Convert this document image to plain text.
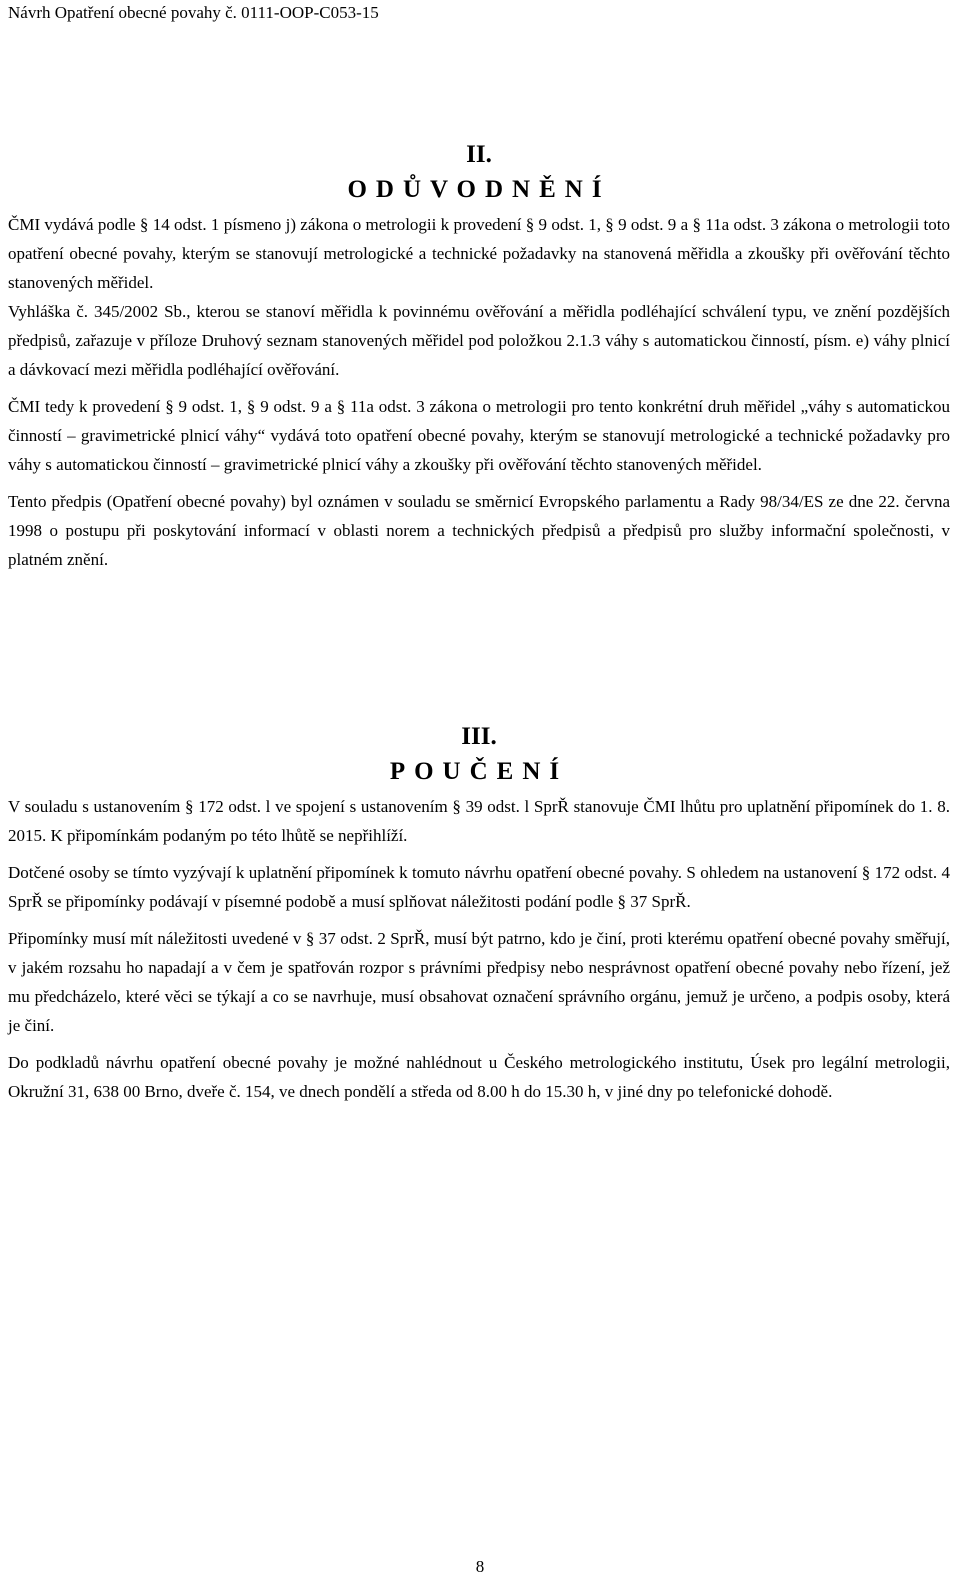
Návrh Opatření obecné povahy č. 0111-OOP-C053-15
II.
ODŮVODNĚNÍ

ČMI vydává podle § 14 odst. 1 písmeno j) zákona o metrologii k provedení § 9 odst. 1, § 9 odst. 9 a § 11a odst. 3 zákona o metrologii toto opatření obecné povahy, kterým se stanovují metrologické a technické požadavky na stanovená měřidla a zkoušky při ověřování těchto stanovených měřidel.

Vyhláška č. 345/2002 Sb., kterou se stanoví měřidla k povinnému ověřování a měřidla podléhající schválení typu, ve znění pozdějších předpisů, zařazuje v příloze Druhový seznam stanovených měřidel pod položkou 2.1.3 váhy s automatickou činností, písm. e) váhy plnicí a dávkovací mezi měřidla podléhající ověřování.

ČMI tedy k provedení § 9 odst. 1, § 9 odst. 9 a § 11a odst. 3 zákona o metrologii pro tento konkrétní druh měřidel „váhy s automatickou činností – gravimetrické plnicí váhy“ vydává toto opatření obecné povahy, kterým se stanovují metrologické a technické požadavky pro váhy s automatickou činností – gravimetrické plnicí váhy a zkoušky při ověřování těchto stanovených měřidel.

Tento předpis (Opatření obecné povahy) byl oznámen v souladu se směrnicí Evropského parlamentu a Rady 98/34/ES ze dne 22. června 1998 o postupu při poskytování informací v oblasti norem a technických předpisů a předpisů pro služby informační společnosti, v platném znění.

III.
POUČENÍ

V souladu s ustanovením § 172 odst. l ve spojení s ustanovením § 39 odst. l SprŘ stanovuje ČMI lhůtu pro uplatnění připomínek do 1. 8. 2015. K připomínkám podaným po této lhůtě se nepřihlíží.

Dotčené osoby se tímto vyzývají k uplatnění připomínek k tomuto návrhu opatření obecné povahy. S ohledem na ustanovení § 172 odst. 4 SprŘ se připomínky podávají v písemné podobě a musí splňovat náležitosti podání podle § 37 SprŘ.

Připomínky musí mít náležitosti uvedené v § 37 odst. 2 SprŘ, musí být patrno, kdo je činí, proti kterému opatření obecné povahy směřují, v jakém rozsahu ho napadají a v čem je spatřován rozpor s právními předpisy nebo nesprávnost opatření obecné povahy nebo řízení, jež mu předcházelo, které věci se týkají a co se navrhuje, musí obsahovat označení správního orgánu, jemuž je určeno, a podpis osoby, která je činí.

Do podkladů návrhu opatření obecné povahy je možné nahlédnout u Českého metrologického institutu, Úsek pro legální metrologii, Okružní 31, 638 00 Brno, dveře č. 154, ve dnech pondělí a středa od 8.00 h do 15.30 h, v jiné dny po telefonické dohodě.

8
